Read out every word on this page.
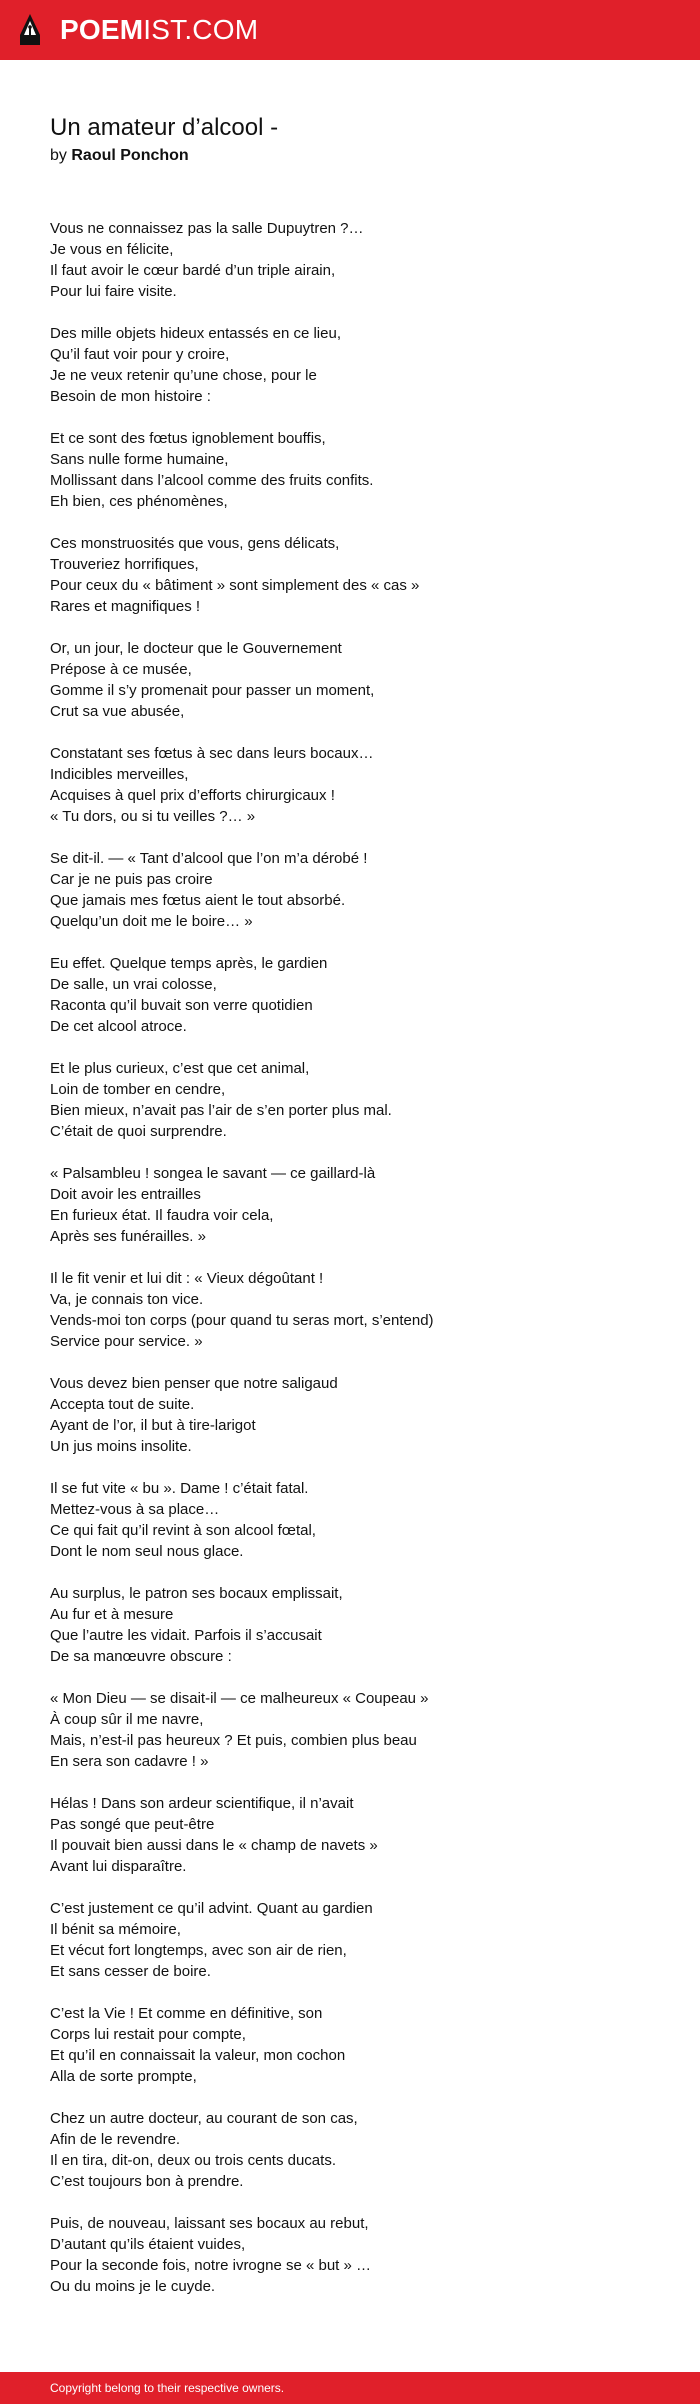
POEMIST.COM
Un amateur d’alcool -
by Raoul Ponchon
Vous ne connaissez pas la salle Dupuytren ?…
Je vous en félicite,
Il faut avoir le cœur bardé d’un triple airain,
Pour lui faire visite.
Des mille objets hideux entassés en ce lieu,
Qu’il faut voir pour y croire,
Je ne veux retenir qu’une chose, pour le
Besoin de mon histoire :
Et ce sont des fœtus ignoblement bouffis,
Sans nulle forme humaine,
Mollissant dans l’alcool comme des fruits confits.
Eh bien, ces phénomènes,
Ces monstruosités que vous, gens délicats,
Trouveriez horrifiques,
Pour ceux du « bâtiment » sont simplement des « cas »
Rares et magnifiques !
Or, un jour, le docteur que le Gouvernement
Prépose à ce musée,
Gomme il s’y promenait pour passer un moment,
Crut sa vue abusée,
Constatant ses fœtus à sec dans leurs bocaux…
Indicibles merveilles,
Acquises à quel prix d’efforts chirurgicaux !
« Tu dors, ou si tu veilles ?… »
Se dit-il. — « Tant d’alcool que l’on m’a dérobé !
Car je ne puis pas croire
Que jamais mes fœtus aient le tout absorbé.
Quelqu’un doit me le boire… »
Eu effet. Quelque temps après, le gardien
De salle, un vrai colosse,
Raconta qu’il buvait son verre quotidien
De cet alcool atroce.
Et le plus curieux, c’est que cet animal,
Loin de tomber en cendre,
Bien mieux, n’avait pas l’air de s’en porter plus mal.
C’était de quoi surprendre.
« Palsambleu ! songea le savant — ce gaillard-là
Doit avoir les entrailles
En furieux état. Il faudra voir cela,
Après ses funérailles. »
Il le fit venir et lui dit : « Vieux dégoûtant !
Va, je connais ton vice.
Vends-moi ton corps (pour quand tu seras mort, s’entend)
Service pour service. »
Vous devez bien penser que notre saligaud
Accepta tout de suite.
Ayant de l’or, il but à tire-larigot
Un jus moins insolite.
Il se fut vite « bu ». Dame ! c’était fatal.
Mettez-vous à sa place…
Ce qui fait qu’il revint à son alcool fœtal,
Dont le nom seul nous glace.
Au surplus, le patron ses bocaux emplissait,
Au fur et à mesure
Que l’autre les vidait. Parfois il s’accusait
De sa manœuvre obscure :
« Mon Dieu — se disait-il — ce malheureux « Coupeau »
À coup sûr il me navre,
Mais, n’est-il pas heureux ? Et puis, combien plus beau
En sera son cadavre ! »
Hélas ! Dans son ardeur scientifique, il n’avait
Pas songé que peut-être
Il pouvait bien aussi dans le « champ de navets »
Avant lui disparaître.
C’est justement ce qu’il advint. Quant au gardien
Il bénit sa mémoire,
Et vécut fort longtemps, avec son air de rien,
Et sans cesser de boire.
C’est la Vie ! Et comme en définitive, son
Corps lui restait pour compte,
Et qu’il en connaissait la valeur, mon cochon
Alla de sorte prompte,
Chez un autre docteur, au courant de son cas,
Afin de le revendre.
Il en tira, dit-on, deux ou trois cents ducats.
C’est toujours bon à prendre.
Puis, de nouveau, laissant ses bocaux au rebut,
D’autant qu’ils étaient vuides,
Pour la seconde fois, notre ivrogne se « but » …
Ou du moins je le cuyde.
Copyright belong to their respective owners.
